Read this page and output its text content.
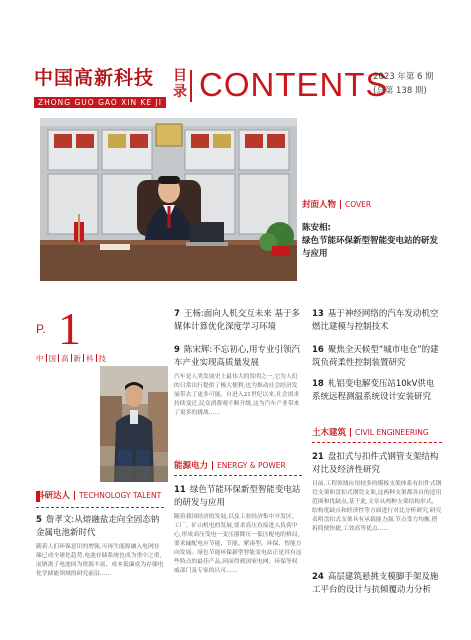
中国高新科技
ZHONG GUO GAO XIN KE JI
目录 CONTENTS
2023 年第 6 期
(总第 138 期)
封面人物 COVER
陈安相:
绿色节能环保新型智能变电站的研发与应用
P. 1
中 国 高 新 科 技
科研达人 TECHNOLOGY TALENT
5 詹孝文:从熔融盐走向全固态钠金属电池新时代
随着人们环保意识的增强,可再生能源融入电网存储已成全球化趋势,电池存储系统也成为重中之重,而钠离子电池因为资源丰富、成本低廉成为存储电化学储能领域的研究前沿……
7 王杨:面向人机交互未来 基于多媒体计算优化深度学习环境
9 陈宋辉:不忘初心,用专业引领汽车产业实现高质量发展
汽车是人类发展史上最伟大的发明之一,它为人们的日常出行提供了极大便利,也为推动社会经济发展带去了更多可能。自进入21世纪以来,社会需求持续变迁,民众消费观不断升级,这为汽车产业带来了更多的挑战……
能源电力 ENERGY & POWER
11 绿色节能环保新型智能变电站的研发与应用
随着我国经济的发展,以及工业经济集中开发区、工厂、矿山机电的发展,要求高压直接进入负荷中心,形成高压受电一变压器降压一低压配电的格局,要求输配电应节能、节能、紧凑型、环保、智能方向发展。绿色节能环保新型智能变电站正是其有这些特点的最佳产品,因而得到国家电网、环保等权威部门及专家的认可……
13 基于神经网络的汽车发动机空燃比建模与控制技术
16 聚焦全天候型“城市电仓”的建筑负荷柔性控制装置研究
18 札铝变电解变压站10kV供电系统远程测温系统设计安装研究
土木建筑 CIVIL ENGINEERING
21 盘扣式与扣件式钢管支架结构对比及经济性研究
目前,工程领域应用较多的模板支架体系有扣件式钢管支架和盘扣式钢管支架,这两种支架都各自的适用范围和优缺点,基于此,文章从两种支架结构形式、结构优缺点和经济性等方面进行对比分析研究,研究表明盘扣式支架具有承载能力强,节点受力均衡,搭拆简便快捷,工效高等优点……
24 高层建筑悬挑支模脚手架及施工平台的设计与抗倾覆动力分析
